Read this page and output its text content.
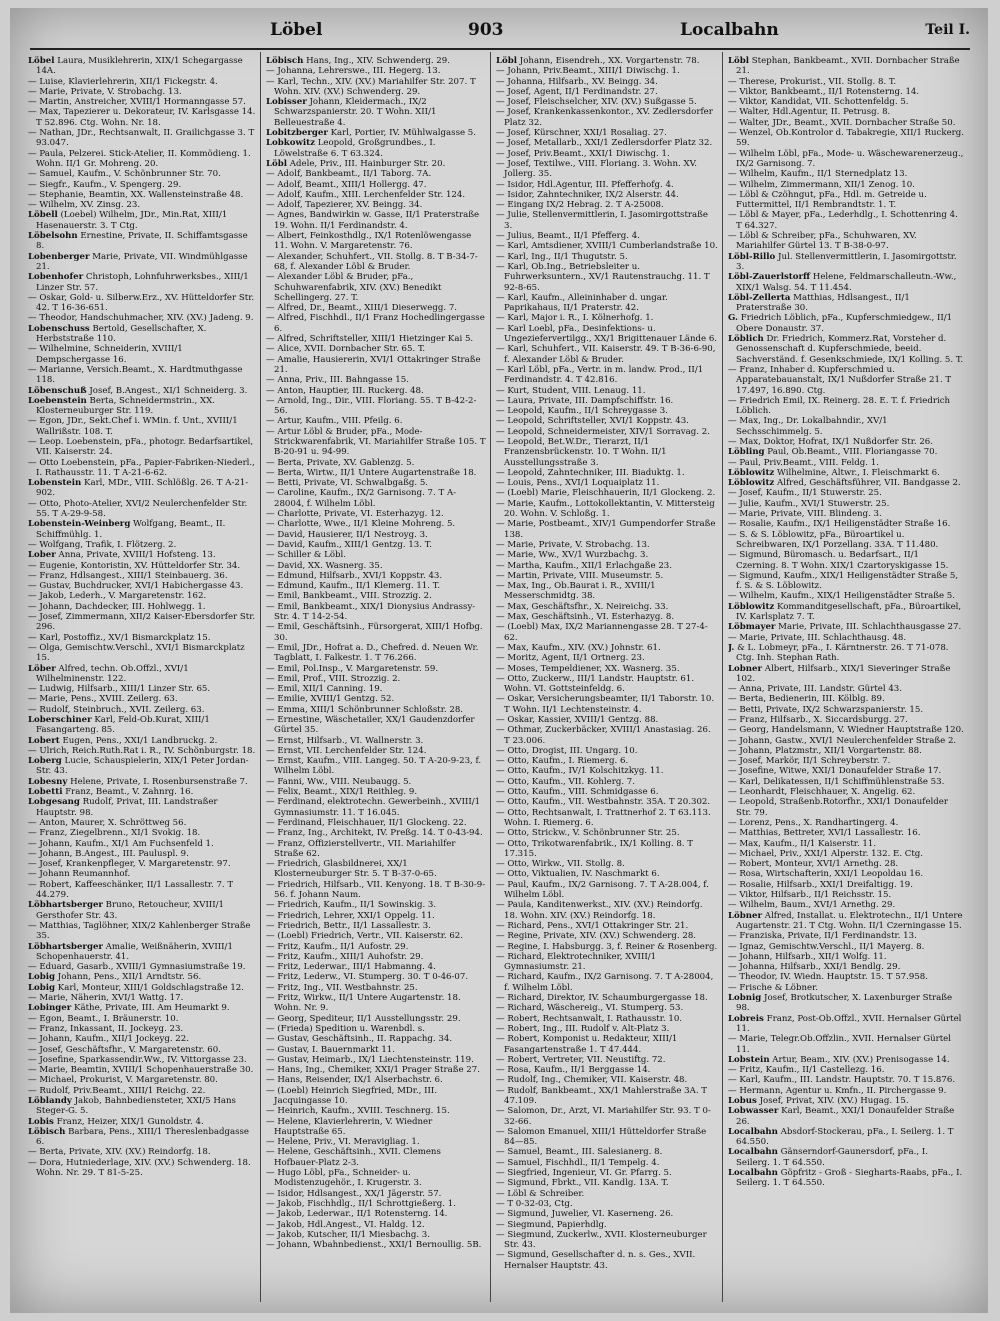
Löbel	903	Localbahn	Teil I.

Löbel Laura, Musiklehrerin, XIX/1 Schegargasse 14A.

— Luise, Klavierlehrerin, XII/1 Fickegstr. 4.

— Marie, Private, V. Strobachg. 13.

— Martin, Anstreicher, XVIII/1 Hormanngasse 57.

— Max, Tapezierer u. Dekorateur, IV. Karlsgasse 14. T 52.896. Ctg. Wohn. Nr. 18.

— Nathan, JDr., Rechtsanwalt, II. Grailichgasse 3. T 93.047.

— Paula, Pelzerei. Stick-Atelier, II. Kommödieng. 1. Wohn. II/1 Gr. Mohreng. 20.

— Samuel, Kaufm., V. Schönbrunner Str. 70.

— Siegfr., Kaufm., V. Spengerg. 29.

— Stephanie, Beamtin, XX. Wallensteinstraße 48.

— Wilhelm, XV. Zinsg. 23.

Löbell (Loebel) Wilhelm, JDr., Min.Rat, XIII/1 Hasenauerstr. 3. T Ctg.

Löbelsohn Ernestine, Private, II. Schiffamtsgasse 8.

Lobenberger Marie, Private, VII. Windmühlgasse 21.

Lobenhofer Christoph, Lohnfuhrwerksbes., XIII/1 Linzer Str. 57.

— Oskar, Gold- u. Silberw.Erz., XV. Hütteldorfer Str. 42. T 16-36-651.

— Theodor, Handschuhmacher, XIV. (XV.) Jadeng. 9.

Lobenschuss Bertold, Gesellschafter, X. Herbststraße 110.

— Wilhelmine, Schneiderin, XVIII/1 Dempschergasse 16.

— Marianne, Versich.Beamt., X. Hardtmuthgasse 118.

Löbenschuß Josef, B.Angest., XI/1 Schneiderg. 3.

Loebenstein Berta, Schneidermstrin., XX. Klosterneuburger Str. 119.

— Egon, JDr., Sekt.Chef i. WMin. f. Unt., XVIII/1 Wallrißstr. 108. T.

— Leop. Loebenstein, pFa., photogr. Bedarfsartikel, VII. Kaiserstr. 24.

— Otto Loebenstein, pFa., Papier-Fabriken-Niederl., I. Rathausstr. 11. T A-21-6-62.

Lobenstein Karl, MDr., VIII. Schlößlg. 26. T A-21-902.

— Otto, Photo-Atelier, XVI/2 Neulerchenfelder Str. 55. T A-29-9-58.

Lobenstein-Weinberg Wolfgang, Beamt., II. Schiffmühlg. 1.

— Wolfgang, Trafik, I. Flötzerg. 2.

Lober Anna, Private, XVIII/1 Hofsteng. 13.

— Eugenie, Kontoristin, XV. Hütteldorfer Str. 34.

— Franz, Hdlsangest., XIII/1 Steinbauerg. 36.

— Gustav, Buchdrucker, XVI/1 Habichergasse 43.

— Jakob, Lederh., V. Margaretenstr. 162.

— Johann, Dachdecker, III. Hohlwegg. 1.

— Josef, Zimmermann, XII/2 Kaiser-Ebersdorfer Str. 296.

— Karl, Postoffiz., XV/1 Bismarckplatz 15.

— Olga, Gemischtw.Verschl., XVI/1 Bismarckplatz 15.

Löber Alfred, techn. Ob.Offzl., XVI/1 Wilhelminenstr. 122.

— Ludwig, Hilfsarb., XIII/1 Linzer Str. 65.

— Marie, Pens., XVIII. Zeilerg. 63.

— Rudolf, Steinbruch., XVII. Zeilerg. 63.

Loberschiner Karl, Feld-Ob.Kurat, XIII/1 Fasangarteng. 85.

Lobert Eugen, Pens., XXI/1 Landbruckg. 2.

— Ulrich, Reich.Ruth.Rat i. R., IV. Schönburgstr. 18.

Loberg Lucie, Schauspielerin, XIX/1 Peter Jordan-Str. 43.

Lobesny Helene, Private, I. Rosenbursenstraße 7.

Lobetti Franz, Beamt., V. Zahnrg. 16.

Lobgesang Rudolf, Privat, III. Landstraßer Hauptstr. 98.

— Anton, Maurer, X. Schröttweg 56.

— Franz, Ziegelbrenn., XI/1 Svokig. 18.

— Johann, Kaufm., XI/1 Am Fuchsenfeld 1.

— Johann, B.Angest., III. Pauluspl. 9.

— Josef, Krankenpfleger, V. Margaretenstr. 97.

— Johann Reumannhof.

— Robert, Kaffeeschänker, II/1 Lassallestr. 7. T 44.279.

Löbhartsberger Bruno, Retoucheur, XVIII/1 Gersthofer Str. 43.

— Matthias, Taglöhner, XIX/2 Kahlenberger Straße 35.

Löbhartsberger Amalie, Weißnäherin, XVIII/1 Schopenhauerstr. 41.

— Eduard, Gasarb., XVIII/1 Gymnasiumstraße 19.

Lobig Johann, Pens., XII/1 Arndtstr. 56.

Lobig Karl, Monteur, XIII/1 Goldschlagstraße 12.

— Marie, Näherin, XVI/1 Wattg. 17.

Lobinger Käthe, Private, III. Am Heumarkt 9.

— Egon, Beamt., I. Bräunerstr. 10.

— Franz, Inkassant, II. Jockeyg. 23.

— Johann, Kaufm., XII/1 Jockeyg. 22.

— Josef, Geschäftsfhr., V. Margaretenstr. 60.

— Josefine, Sparkassendir.Ww., IV. Vittorgasse 23.

— Marie, Beamtin, XVIII/1 Schopenhauerstraße 30.

— Michael, Prokurist, V. Margaretenstr. 80.

— Rudolf, Priv.Beamt., XIII/1 Reichg. 22.

Löblandy Jakob, Bahnbediensteter, XXI/5 Hans Steger-G. 5.

Lobis Franz, Heizer, XIX/1 Gunoldstr. 4.

Löbisch Barbara, Pens., XIII/1 Thereslenbadgasse 6.

— Berta, Private, XIV. (XV.) Reindorfg. 18.

— Dora, Hutniederlage, XIV. (XV.) Schwenderg. 18. Wohn. Nr. 29. T 81-5-25.

Löbisch Hans, Ing., XIV. Schwenderg. 29.

— Johanna, Lehrerswe., III. Hegerg. 13.

— Karl, Techn., XIV. (XV.) Mariahilfer Str. 207. T Wohn. XIV. (XV.) Schwenderg. 29.

Lobisser Johann, Kleidermach., IX/2 Schwarzspanierstr. 20. T Wohn. XII/1 Belleuestraße 4.

Lobitzberger Karl, Portier, IV. Mühlwalgasse 5.

Lobkowitz Leopold, Großgrundbes., I. Löwelstraße 6. T 63.324.

Löbl Adele, Priv., III. Hainburger Str. 20.

— Adolf, Bankbeamt., II/1 Taborg. 7A.

— Adolf, Beamt., XIII/1 Hollergg. 47.

— Adolf, Kaufm., XIII. Lerchenfelder Str. 124.

— Adolf, Tapezierer, XV. Beingg. 34.

— Agnes, Bandwirkin w. Gasse, II/1 Praterstraße 19. Wohn. II/1 Ferdinandstr. 4.

— Albert, Feinkosthdlg., IX/1 Rotenlöwengasse 11. Wohn. V. Margaretenstr. 76.

— Alexander, Schuhfert., VII. Stollg. 8. T B-34-7-68, f. Alexander Löbl & Bruder.

— Alexander Löbl & Bruder, pFa., Schuhwarenfabrik, XIV. (XV.) Benedikt Schellingerg. 27. T.

— Alfred, Dr., Beamt., XIII/1 Dieserwegg. 7.

— Alfred, Fischhdl., II/1 Franz Hochedlingergasse 6.

— Alfred, Schriftsteller, XIII/1 Hietzinger Kai 5.

— Alice, XVII. Dornbacher Str. 65. T.

— Amalie, Hausiererin, XVI/1 Ottakringer Straße 21.

— Anna, Priv., III. Bahngasse 15.

— Anton, Hauptier, III. Ruckerg. 48.

— Arnold, Ing., Dir., VIII. Floriang. 55. T B-42-2-56.

— Artur, Kaufm., VIII. Pfeilg. 6.

— Artur Löbl & Bruder, pFa., Mode-Strickwarenfabrik, VI. Mariahilfer Straße 105. T B-20-91 u. 94-99.

— Berta, Private, XV. Gablenzg. 5.

— Berta, Wirtw., II/1 Untere Augartenstraße 18.

— Betti, Private, VI. Schwalbgaßg. 5.

— Caroline, Kaufm., IX/2 Garnisong. 7. T A-28004, f. Wilhelm Löbl.

— Charlotte, Private, VI. Esterhazyg. 12.

— Charlotte, Wwe., II/1 Kleine Mohreng. 5.

— David, Hausierer, II/1 Nestroyg. 3.

— David, Kaufm., XIII/1 Gentzg. 13. T.

— Schiller & Löbl.

— David, XX. Wasnerg. 35.

— Edmund, Hilfsarb., XVI/1 Koppstr. 43.

— Edmund, Kaufm., II/1 Klemerg. 11. T.

— Emil, Bankbeamt., VIII. Strozzig. 2.

— Emil, Bankbeamt., XIX/1 Dionysius Andrassy-Str. 4. T 14-2-54.

— Emil, Geschäftsinh., Fürsorgerat, XIII/1 Hofbg. 30.

— Emil, JDr., Hofrat a. D., Chefred. d. Neuen Wr. Tagblatt, I. Falkestr. 1. T 76.266.

— Emil, Pol.Insp., V. Margaretenstr. 59.

— Emil, Prof., VIII. Strozzig. 2.

— Emil, XII/1 Canning. 19.

— Emilie, XVIII/1 Gentzg. 52.

— Emma, XIII/1 Schönbrunner Schloßstr. 28.

— Ernestine, Wäschetailer, XX/1 Gaudenzdorfer Gürtel 35.

— Ernst, Hilfsarb., VI. Wallnerstr. 3.

— Ernst, VII. Lerchenfelder Str. 124.

— Ernst, Kaufm., VIII. Langeg. 50. T A-20-9-23, f. Wilhelm Löbl.

— Fanni, Ww., VIII. Neubaugg. 5.

— Felix, Beamt., XIX/1 Reithleg. 9.

— Ferdinand, elektrotechn. Gewerbeinh., XVIII/1 Gymnasiumstr. 11. T 16.045.

— Ferdinand, Fleischhauer, II/1 Glockeng. 22.

— Franz, Ing., Architekt, IV. Preßg. 14. T 0-43-94.

— Franz, Offizierstellvertr., VII. Mariahilfer Straße 62.

— Friedrich, Glasbildnerei, XX/1 Klosterneuburger Str. 5. T B-37-0-65.

— Friedrich, Hilfsarb., VII. Kenyong. 18. T B-30-9-56. f. Johann Naum.

— Friedrich, Kaufm., II/1 Sowinskig. 3.

— Friedrich, Lehrer, XXI/1 Oppelg. 11.

— Friedrich, Bettr., II/1 Lassallestr. 3.

— (Loebl) Friedrich, Vertr., VII. Kaiserstr. 62.

— Fritz, Kaufm., II/1 Aufostr. 29.

— Fritz, Kaufm., XIII/1 Auhofstr. 29.

— Fritz, Lederwar., III/1 Habmanng. 4.

— Fritz, Lederw., VI. Stumperg. 30. T 0-46-07.

— Fritz, Ing., VII. Westbahnstr. 25.

— Fritz, Wirkw., II/1 Untere Augartenstr. 18. Wohn. Nr. 9.

— Georg, Spediteur, II/1 Ausstellungsstr. 29.

— (Frieda) Spedition u. Warenbdl. s.

— Gustav, Geschäftsinh., II. Rappachg. 34.

— Gustav, I. Bauernmarkt 11.

— Gustav, Heimarb., IX/1 Liechtensteinstr. 119.

— Hans, Ing., Chemiker, XXI/1 Prager Straße 27.

— Hans, Reisender, IX/1 Alserbachstr. 6.

— (Loebl) Heinrich Siegfried, MDr., III. Jacquingasse 10.

— Heinrich, Kaufm., XVIII. Teschnerg. 15.

— Helene, Klavierlehrerin, V. Wiedner Hauptstraße 65.

— Helene, Priv., VI. Meravigliag. 1.

— Helene, Geschäftsinh., XVII. Clemens Hofbauer-Platz 2-3.

— Hugo Löbl, pFa., Schneider- u. Modistenzugehör., I. Krugerstr. 3.

— Isidor, Hdlsangest., XX/1 Jägerstr. 57.

— Jakob, Fischhdlg., II/1 Schrottgießerg. 1.

— Jakob, Lederwar., II/1 Rotensterng. 14.

— Jakob, Hdl.Angest., VI. Haldg. 12.

— Jakob, Kutscher, II/1 Miesbachg. 3.

— Johann, Wbahnbedienst., XXI/1 Bernoullig. 5B.

Löbl Johann, Eisendreh., XX. Vorgartenstr. 78.

— Johann, Priv.Beamt., XIII/1 Diwischg. 1.

— Johanna, Hilfsarb., XV. Beingg. 34.

— Josef, Agent, II/1 Ferdinandstr. 27.

— Josef, Fleischselcher, XIV. (XV.) Sußgasse 5.

— Josef, Krankenkassenkontor., XV. Zedlersdorfer Platz 32.

— Josef, Kürschner, XXI/1 Rosaliag. 27.

— Josef, Metallarb., XXI/1 Zedlersdorfer Platz 32.

— Josef, Priv.Beamt., XXI/1 Diwischg. 1.

— Josef, Textilwe., VIII. Floriang. 3. Wohn. XV. Jollerg. 35.

— Isidor, Hdl.Agentur, III. Pfefferhofg. 4.

— Isidor, Zahntechniker, IX/2 Alserstr. 44.

— Eingang IX/2 Hebrag. 2. T A-25008.

— Julie, Stellenvermittlerin, I. Jasomirgottstraße 3.

— Julius, Beamt., II/1 Pfefferg. 4.

— Karl, Amtsdiener, XVIII/1 Cumberlandstraße 10.

— Karl, Ing., II/1 Thugutstr. 5.

— Karl, Ob.Ing., Betriebsleiter u. Fuhrwerksuntern., XV/1 Rautenstrauchg. 11. T 92-8-65.

— Karl, Kaufm., Alleininhaber d. ungar. Paprikahaus, II/1 Praterstr. 42.

— Karl, Major i. R., I. Kölnerhofg. 1.

— Karl Loebl, pFa., Desinfektions- u. Ungeziefervertilgg., XX/1 Brigittenauer Lände 6.

— Karl, Schuhfert., VII. Kaiserstr. 49. T B-36-6-90, f. Alexander Löbl & Bruder.

— Karl Löbl, pFa., Vertr. in m. landw. Prod., II/1 Ferdinandstr. 4. T 42.816.

— Kurt, Student, VIII. Lenaug. 11.

— Laura, Private, III. Dampfschiffstr. 16.

— Leopold, Kaufm., II/1 Schreygasse 3.

— Leopold, Schriftsteller, XVI/1 Koppstr. 43.

— Leopold, Schneidermeister, XIV/1 Sorravag. 2.

— Leopold, Bet.W.Dr., Tierarzt, II/1 Franzensbrückenstr. 10. T Wohn. II/1 Ausstellungsstraße 3.

— Leopold, Zahntechniker, III. Biaduktg. 1.

— Louis, Pens., XVI/1 Loquaiplatz 11.

— (Loebl) Marie, Fleischhauerin, II/1 Glockeng. 2.

— Marie, Kaufm., Lottokollektantin, V. Mittersteig 20. Wohn. V. Schloßg. 1.

— Marie, Postbeamt., XIV/1 Gumpendorfer Straße 138.

— Marie, Private, V. Strobachg. 13.

— Marie, Ww., XV/1 Wurzbachg. 3.

— Martha, Kaufm., XII/1 Erlachgaße 23.

— Martin, Private, VIII. Museumstr. 5.

— Max, Ing., Ob.Baurat i. R., XVIII/1 Messerschmidtg. 38.

— Max, Geschäftsfhr., X. Neireichg. 33.

— Max, Geschäftsinh., VI. Esterhazyg. 8.

— (Loebl) Max, IX/2 Mariannengasse 28. T 27-4-62.

— Max, Kaufm., XIV. (XV.) Johnstr. 61.

— Moritz, Agent, II/1 Ortnerg. 23.

— Moses, Tempeldiener, XX. Wasnerg. 35.

— Otto, Zuckerw., III/1 Landstr. Hauptstr. 61. Wohn. VI. Gottsteinfeldg. 6.

— Oskar, Versicherungsbeamter, II/1 Taborstr. 10. T Wohn. II/1 Lechtensteinstr. 4.

— Oskar, Kassier, XVIII/1 Gentzg. 88.

— Othmar, Zuckerbäcker, XVIII/1 Anastasiag. 26. T 23.006.

— Otto, Drogist, III. Ungarg. 10.

— Otto, Kaufm., I. Riemerg. 6.

— Otto, Kaufm., IV/1 Kolschitzkyg. 11.

— Otto, Kaufm., VII. Kohlerg. 7.

— Otto, Kaufm., VIII. Schmidgasse 6.

— Otto, Kaufm., VII. Westbahnstr. 35A. T 20.302.

— Otto, Rechtsanwalt, I. Trattnerhof 2. T 63.113. Wohn. I. Riemerg. 6.

— Otto, Strickw., V. Schönbrunner Str. 25.

— Otto, Trikotwarenfabrik., IX/1 Kolling. 8. T 17.315.

— Otto, Wirkw., VII. Stollg. 8.

— Otto, Viktualien, IV. Naschmarkt 6.

— Paul, Kaufm., IX/2 Garnisong. 7. T A-28.004, f. Wilhelm Löbl.

— Paula, Kanditenwerkst., XIV. (XV.) Reindorfg. 18. Wohn. XIV. (XV.) Reindorfg. 18.

— Richard, Pens., XVI/1 Ottakringer Str. 21.

— Regine, Private, XIV. (XV.) Schwenderg. 28.

— Regine, I. Habsburgg. 3, f. Reiner & Rosenberg.

— Richard, Elektrotechniker, XVIII/1 Gymnasiumstr. 21.

— Richard, Kaufm., IX/2 Garnisong. 7. T A-28004, f. Wilhelm Löbl.

— Richard, Direktor, IV. Schaumburgergasse 18.

— Richard, Wäschereig., VI. Stumperg. 53.

— Robert, Rechtsanwalt, I. Rathausstr. 10.

— Robert, Ing., III. Rudolf v. Alt-Platz 3.

— Robert, Komponist u. Redakteur, XIII/1 Fasangartenstraße 1. T 47.444.

— Robert, Vertreter, VII. Neustiftg. 72.

— Rosa, Kaufm., II/1 Berggasse 14.

— Rudolf, Ing., Chemiker, VII. Kaiserstr. 48.

— Rudolf, Bankbeamt., XX/1 Mahlerstraße 3A. T 47.109.

— Salomon, Dr., Arzt, VI. Mariahilfer Str. 93. T 0-32-66.

— Salomon Emanuel, XIII/1 Hütteldorfer Straße 84—85.

— Samuel, Beamt., III. Salesianerg. 8.

— Samuel, Fischhdl., II/1 Tempelg. 4.

— Siegfried, Ingenieur, VI. Gr. Pfarrg. 5.

— Sigmund, Fbrkt., VII. Kandlg. 13A. T.

— Löbl & Schreiber.

— T 0-32-03, Ctg.

— Sigmund, Juwelier, VI. Kaserneng. 26.

— Siegmund, Papierhdlg.

— Siegmund, Zuckerlw., XVII. Klosterneuburger Str. 43.

— Sigmund, Gesellschafter d. n. s. Ges., XVII. Hernalser Hauptstr. 43.

Löbl Stephan, Bankbeamt., XVII. Dornbacher Straße 21.

— Therese, Prokurist., VII. Stollg. 8. T.

— Viktor, Bankbeamt., II/1 Rotensterng. 14.

— Viktor, Kandidat, VII. Schottenfeldg. 5.

— Walter, Hdl.Agentur, II. Petrusg. 8.

— Walter, JDr., Beamt., XVII. Dornbacher Straße 50.

— Wenzel, Ob.Kontrolor d. Tabakregie, XII/1 Ruckerg. 59.

— Wilhelm Löbl, pFa., Mode- u. Wäschewarenerzeug., IX/2 Garnisong. 7.

— Wilhelm, Kaufm., II/1 Sternedplatz 13.

— Wilhelm, Zimmermann, XII/1 Zenog. 10.

— Löbl & Czöhngut, pFa., Hdl. m. Getreide u. Futtermittel, II/1 Rembrandtstr. 1. T.

— Löbl & Mayer, pFa., Lederhdlg., I. Schottenring 4. T 64.327.

— Löbl & Schreiber, pFa., Schuhwaren, XV. Mariahilfer Gürtel 13. T B-38-0-97.

Löbl-Rillo Jul. Stellenvermittlerin, I. Jasomirgottstr. 3.

Löbl-Zauerlstorff Helene, Feldmarschalleutn.-Ww., XIX/1 Walsg. 54. T 11.454.

Löbl-Zellerta Matthias, Hdlsangest., II/1 Praterstraße 30.

G. Friedrich Löblich, pFa., Kupferschmiedgew., II/1 Obere Donaustr. 37.

Löblich Dr. Friedrich, Kommerz.Rat, Vorsteher d. Genossenschaft d. Kupferschmiede, beeid. Sachverständ. f. Gesenkschmiede, IX/1 Kolling. 5. T.

— Franz, Inhaber d. Kupferschmied u. Apparatebauanstalt, IX/1 Nußdorfer Straße 21. T 17.497, 16.890. Ctg.

— Friedrich Emil, IX. Reinerg. 28. E. T. f. Friedrich Löblich.

— Max, Ing., Dr. Lokalbahndir., XV/1 Sechsschimmelg. 5.

— Max, Doktor, Hofrat, IX/1 Nußdorfer Str. 26.

Löbling Paul, Ob.Beamt., VIII. Floriangasse 70.

— Paul, Priv.Beamt., VIII. Feldg. 1.

Löblowitz Wilhelmine, Altwr., I. Fleischmarkt 6.

Löblowitz Alfred, Geschäftsführer, VII. Bandgasse 2.

— Josef, Kaufm., II/1 Stuwerstr. 25.

— Julie, Kaufm., XVI/1 Stuwerstr. 25.

— Marie, Private, VIII. Blindeng. 3.

— Rosalie, Kaufm., IX/1 Heiligenstädter Straße 16.

— S. & S. Löblowitz, pFa., Büroartikel u. Schreibwaren, IX/1 Porzellang. 33A. T 11.480.

— Sigmund, Büromasch. u. Bedarfsart., II/1 Czerning. 8. T Wohn. XIX/1 Czartoryskigasse 15.

— Sigmund, Kaufm., XIX/1 Heiligenstädter Straße 5, f. S. & S. Löblowitz.

— Wilhelm, Kaufm., XIX/1 Heiligenstädter Straße 5.

Löblowitz Kommanditgesellschaft, pFa., Büroartikel, IV. Karlsplatz 7. T.

Löbmayer Marie, Private, III. Schlachthausgasse 27.

— Marie, Private, III. Schlachthausg. 48.

J. & L. Lobmeyr, pFa., I. Kärntnerstr. 26. T 71-078. Ctg. Inh. Stephan Rath.

Lobner Albert, Hilfsarb., XIX/1 Sieveringer Straße 102.

— Anna, Private, III. Landstr. Gürtel 43.

— Berta, Bedienerin, III. Kölblg. 89.

— Betti, Private, IX/2 Schwarzspanierstr. 15.

— Franz, Hilfsarb., X. Siccardsburgg. 27.

— Georg, Handelsmann, V. Wiedner Hauptstraße 120.

— Johann, Gastw., XVI/1 Neulerchenfelder Straße 2.

— Johann, Platzmstr., XII/1 Vorgartenstr. 88.

— Josef, Markör, II/1 Schreyberstr. 7.

— Josefine, Witwe, XXI/1 Donaufelder Straße 17.

— Karl, Delikatessen, II/1 Schiffmühlenstraße 53.

— Leonhardt, Fleischhauer, X. Angelig. 62.

— Leopold, Straßenb.Rotorfhr., XXI/1 Donaufelder Str. 79.

— Lorenz, Pens., X. Randhartingerg. 4.

— Matthias, Bettreter, XVI/1 Lassallestr. 16.

— Max, Kaufm., II/1 Kaiserstr. 11.

— Michael, Priv., XXI/1 Alperstr. 132. E. Ctg.

— Robert, Monteur, XVI/1 Arnethg. 28.

— Rosa, Wirtschafterin, XXI/1 Leopoldau 16.

— Rosalie, Hilfsarb., XXI/1 Dreifaltigg. 19.

— Viktor, Hilfsarb., II/1 Reichsstr. 15.

— Wilhelm, Baum., XVI/1 Arnethg. 29.

Löbner Alfred, Installat. u. Elektrotechn., II/1 Untere Augartenstr. 21. T Ctg. Wohn. II/1 Czerningasse 15.

— Franziska, Private, II/1 Ferdinandstr. 13.

— Ignaz, Gemischtw.Verschl., II/1 Mayerg. 8.

— Johann, Hilfsarb., XII/1 Wolfg. 11.

— Johanna, Hilfsarb., XXI/1 Bendlg. 29.

— Theodor, IV. Wiedn. Hauptstr. 15. T 57.958.

— Frische & Löbner.

Lobnig Josef, Brotkutscher, X. Laxenburger Straße 98.

Lobreis Franz, Post-Ob.Offzl., XVII. Hernalser Gürtel 11.

— Marie, Telegr.Ob.Offzlin., XVII. Hernalser Gürtel 11.

Lobstein Artur, Beam., XIV. (XV.) Prenisogasse 14.

— Fritz, Kaufm., II/1 Castellezg. 16.

— Karl, Kaufm., III. Landstr. Hauptstr. 70. T 15.876.

— Hermann, Agentur u. Kmfn., II. Pirchergasse 9.

Lobus Josef, Privat, XIV. (XV.) Hugag. 15.

Lobwasser Karl, Beamt., XXI/1 Donaufelder Straße 26.

Localbahn Absdorf-Stockerau, pFa., I. Seilerg. 1. T 64.550.

Localbahn Gänserndorf-Gaunersdorf, pFa., I. Seilerg. 1. T 64.550.

Localbahn Göpfritz - Groß - Siegharts-Raabs, pFa., I. Seilerg. 1. T 64.550.
